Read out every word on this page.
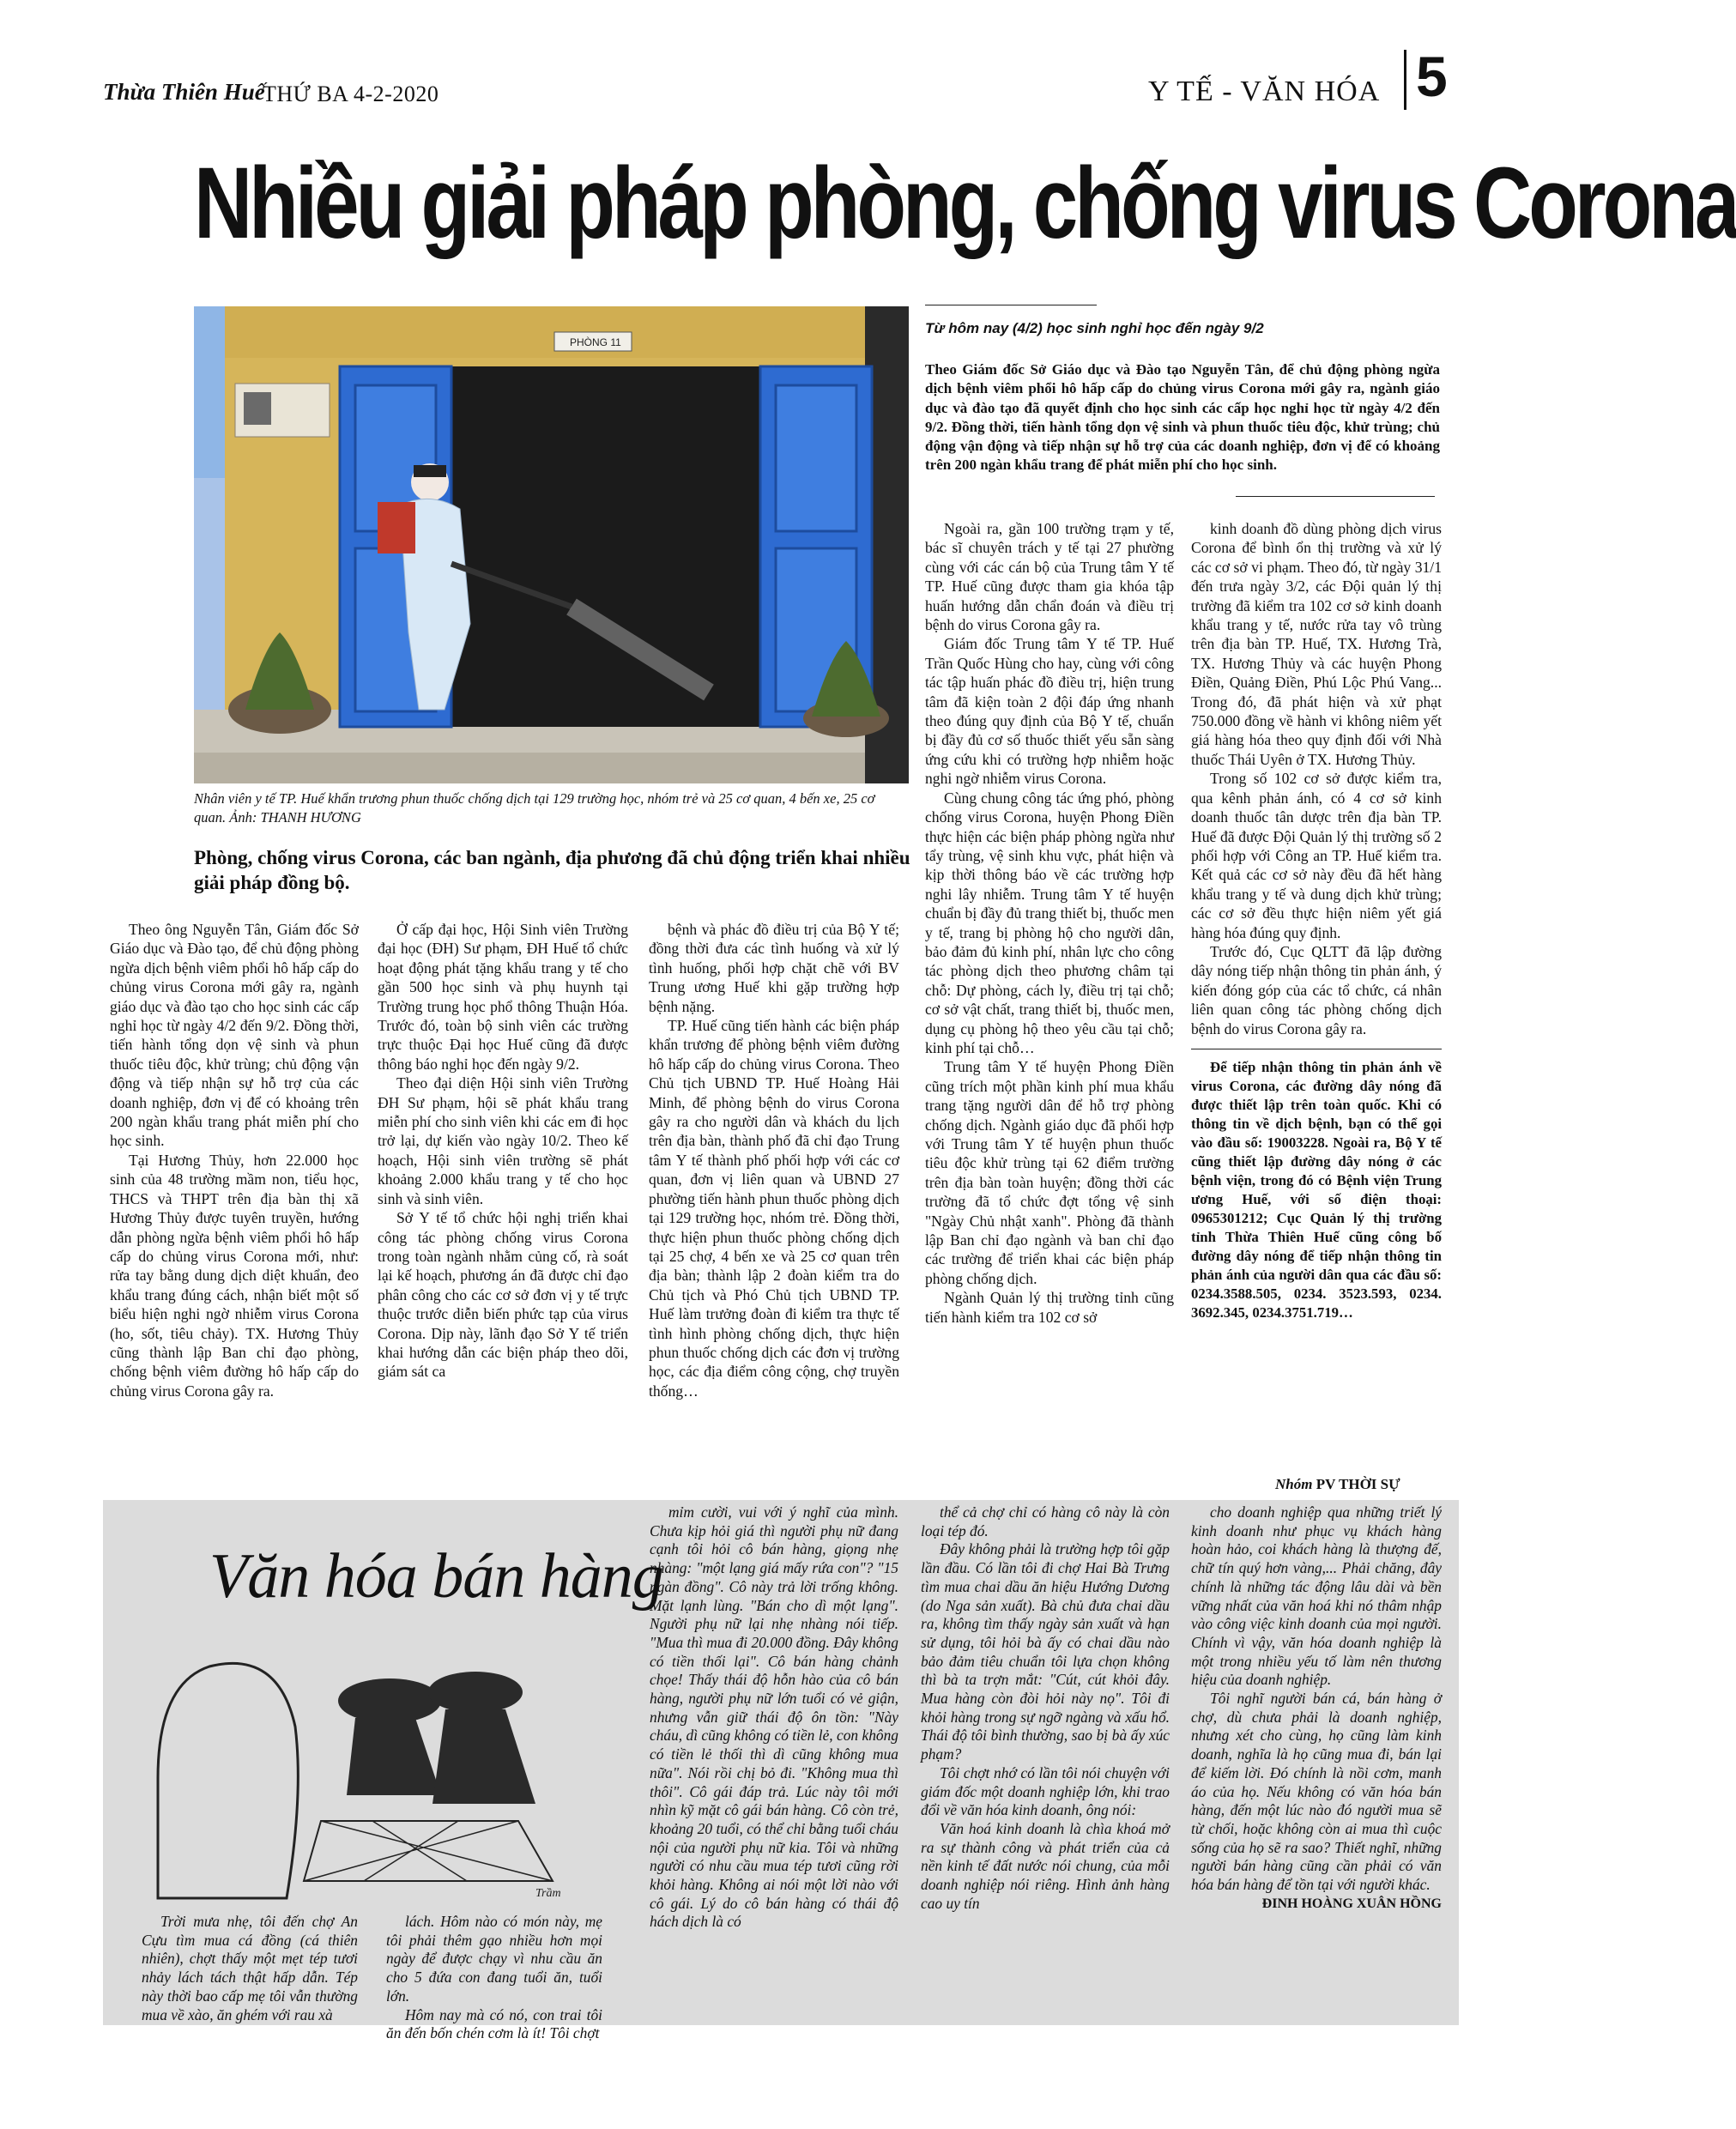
Thừa Thiên Huế
THỨ BA 4-2-2020	Y TẾ - VĂN HÓA 5
Nhiều giải pháp phòng, chống virus Corona
PHÒNG 11
Nhân viên y tế TP. Huế khẩn trương phun thuốc chống dịch tại 129 trường học, nhóm trẻ và 25 cơ quan, 4 bến xe, 25 cơ quan. Ảnh: THANH HƯƠNG
Phòng, chống virus Corona, các ban ngành, địa phương đã chủ động triển khai nhiều giải pháp đồng bộ.
Từ hôm nay (4/2) học sinh nghỉ học đến ngày 9/2
Theo Giám đốc Sở Giáo dục và Đào tạo Nguyễn Tân, để chủ động phòng ngừa dịch bệnh viêm phổi hô hấp cấp do chủng virus Corona mới gây ra, ngành giáo dục và đào tạo đã quyết định cho học sinh các cấp học nghỉ học từ ngày 4/2 đến 9/2. Đồng thời, tiến hành tổng dọn vệ sinh và phun thuốc tiêu độc, khử trùng; chủ động vận động và tiếp nhận sự hỗ trợ của các doanh nghiệp, đơn vị để có khoảng trên 200 ngàn khẩu trang để phát miễn phí cho học sinh.

Theo ông Nguyễn Tân, Giám đốc Sở Giáo dục và Đào tạo, để chủ động phòng ngừa dịch bệnh viêm phổi hô hấp cấp do chủng virus Corona mới gây ra, ngành giáo dục và đào tạo cho học sinh các cấp nghỉ học từ ngày 4/2 đến 9/2. Đồng thời, tiến hành tổng dọn vệ sinh và phun thuốc tiêu độc, khử trùng; chủ động vận động và tiếp nhận sự hỗ trợ của các doanh nghiệp, đơn vị để có khoảng trên 200 ngàn khẩu trang phát miễn phí cho học sinh.

Tại Hương Thủy, hơn 22.000 học sinh của 48 trường mầm non, tiểu học, THCS và THPT trên địa bàn thị xã Hương Thủy được tuyên truyền, hướng dẫn phòng ngừa bệnh viêm phổi hô hấp cấp do chủng virus Corona mới, như: rửa tay bằng dung dịch diệt khuẩn, đeo khẩu trang đúng cách, nhận biết một số biểu hiện nghi ngờ nhiễm virus Corona (ho, sốt, tiêu chảy). TX. Hương Thủy cũng thành lập Ban chỉ đạo phòng, chống bệnh viêm đường hô hấp cấp do chủng virus Corona gây ra.

Ở cấp đại học, Hội Sinh viên Trường đại học (ĐH) Sư phạm, ĐH Huế tổ chức hoạt động phát tặng khẩu trang y tế cho gần 500 học sinh và phụ huynh tại Trường trung học phổ thông Thuận Hóa. Trước đó, toàn bộ sinh viên các trường trực thuộc Đại học Huế cũng đã được thông báo nghỉ học đến ngày 9/2.

Theo đại diện Hội sinh viên Trường ĐH Sư phạm, hội sẽ phát khẩu trang miễn phí cho sinh viên khi các em đi học trở lại, dự kiến vào ngày 10/2. Theo kế hoạch, Hội sinh viên trường sẽ phát khoảng 2.000 khẩu trang y tế cho học sinh và sinh viên.

Sở Y tế tổ chức hội nghị triển khai công tác phòng chống virus Corona trong toàn ngành nhằm củng cố, rà soát lại kế hoạch, phương án đã được chỉ đạo phân công cho các cơ sở đơn vị y tế trực thuộc trước diễn biến phức tạp của virus Corona. Dịp này, lãnh đạo Sở Y tế triển khai hướng dẫn các biện pháp theo dõi, giám sát ca

bệnh và phác đồ điều trị của Bộ Y tế; đồng thời đưa các tình huống và xử lý tình huống, phối hợp chặt chẽ với BV Trung ương Huế khi gặp trường hợp bệnh nặng.

TP. Huế cũng tiến hành các biện pháp khẩn trương để phòng bệnh viêm đường hô hấp cấp do chủng virus Corona. Theo Chủ tịch UBND TP. Huế Hoàng Hải Minh, để phòng bệnh do virus Corona gây ra cho người dân và khách du lịch trên địa bàn, thành phố đã chỉ đạo Trung tâm Y tế thành phố phối hợp với các cơ quan, đơn vị liên quan và UBND 27 phường tiến hành phun thuốc phòng dịch tại 129 trường học, nhóm trẻ. Đồng thời, thực hiện phun thuốc phòng chống dịch tại 25 chợ, 4 bến xe và 25 cơ quan trên địa bàn; thành lập 2 đoàn kiểm tra do Chủ tịch và Phó Chủ tịch UBND TP. Huế làm trưởng đoàn đi kiểm tra thực tế tình hình phòng chống dịch, thực hiện phun thuốc chống dịch các đơn vị trường học, các địa điểm công cộng, chợ truyền thống…

Ngoài ra, gần 100 trường trạm y tế, bác sĩ chuyên trách y tế tại 27 phường cùng với các cán bộ của Trung tâm Y tế TP. Huế cũng được tham gia khóa tập huấn hướng dẫn chẩn đoán và điều trị bệnh do virus Corona gây ra.

Giám đốc Trung tâm Y tế TP. Huế Trần Quốc Hùng cho hay, cùng với công tác tập huấn phác đồ điều trị, hiện trung tâm đã kiện toàn 2 đội đáp ứng nhanh theo đúng quy định của Bộ Y tế, chuẩn bị đầy đủ cơ số thuốc thiết yếu sẵn sàng ứng cứu khi có trường hợp nhiễm hoặc nghi ngờ nhiễm virus Corona.

Cùng chung công tác ứng phó, phòng chống virus Corona, huyện Phong Điền thực hiện các biện pháp phòng ngừa như tẩy trùng, vệ sinh khu vực, phát hiện và kịp thời thông báo về các trường hợp nghi lây nhiễm. Trung tâm Y tế huyện chuẩn bị đầy đủ trang thiết bị, thuốc men y tế, trang bị phòng hộ cho người dân, bảo đảm đủ kinh phí, nhân lực cho công tác phòng dịch theo phương châm tại chỗ: Dự phòng, cách ly, điều trị tại chỗ; cơ sở vật chất, trang thiết bị, thuốc men, dụng cụ phòng hộ theo yêu cầu tại chỗ; kinh phí tại chỗ…

Trung tâm Y tế huyện Phong Điền cũng trích một phần kinh phí mua khẩu trang tặng người dân để hỗ trợ phòng chống dịch. Ngành giáo dục đã phối hợp với Trung tâm Y tế huyện phun thuốc tiêu độc khử trùng tại 62 điểm trường trên địa bàn toàn huyện; đồng thời các trường đã tổ chức đợt tổng vệ sinh "Ngày Chủ nhật xanh". Phòng đã thành lập Ban chỉ đạo ngành và ban chỉ đạo các trường để triển khai các biện pháp phòng chống dịch.

Ngành Quản lý thị trường tỉnh cũng tiến hành kiểm tra 102 cơ sở

kinh doanh đồ dùng phòng dịch virus Corona để bình ổn thị trường và xử lý các cơ sở vi phạm. Theo đó, từ ngày 31/1 đến trưa ngày 3/2, các Đội quản lý thị trường đã kiểm tra 102 cơ sở kinh doanh khẩu trang y tế, nước rửa tay vô trùng trên địa bàn TP. Huế, TX. Hương Trà, TX. Hương Thủy và các huyện Phong Điền, Quảng Điền, Phú Lộc Phú Vang... Trong đó, đã phát hiện và xử phạt 750.000 đồng về hành vi không niêm yết giá hàng hóa theo quy định đối với Nhà thuốc Thái Uyên ở TX. Hương Thủy.

Trong số 102 cơ sở được kiểm tra, qua kênh phản ánh, có 4 cơ sở kinh doanh thuốc tân dược trên địa bàn TP. Huế đã được Đội Quản lý thị trường số 2 phối hợp với Công an TP. Huế kiểm tra. Kết quả các cơ sở này đều đã hết hàng khẩu trang y tế và dung dịch khử trùng; các cơ sở đều thực hiện niêm yết giá hàng hóa đúng quy định.

Trước đó, Cục QLTT đã lập đường dây nóng tiếp nhận thông tin phản ánh, ý kiến đóng góp của các tổ chức, cá nhân liên quan công tác phòng chống dịch bệnh do virus Corona gây ra.

Để tiếp nhận thông tin phản ánh về virus Corona, các đường dây nóng đã được thiết lập trên toàn quốc. Khi có thông tin về dịch bệnh, bạn có thể gọi vào đầu số: 19003228. Ngoài ra, Bộ Y tế cũng thiết lập đường dây nóng ở các bệnh viện, trong đó có Bệnh viện Trung ương Huế, với số điện thoại: 0965301212; Cục Quản lý thị trường tỉnh Thừa Thiên Huế cũng công bố đường dây nóng để tiếp nhận thông tin phản ánh của người dân qua các đầu số: 0234.3588.505, 0234. 3523.593, 0234. 3692.345, 0234.3751.719…

Nhóm PV THỜI SỰ
Văn hóa bán hàng
Trầm

Trời mưa nhẹ, tôi đến chợ An Cựu tìm mua cá đồng (cá thiên nhiên), chợt thấy một mẹt tép tươi nhảy lách tách thật hấp dẫn. Tép này thời bao cấp mẹ tôi vẫn thường mua về xào, ăn ghém với rau xà

lách. Hôm nào có món này, mẹ tôi phải thêm gạo nhiều hơn mọi ngày để được chạy vì nhu cầu ăn cho 5 đứa con đang tuổi ăn, tuổi lớn.

Hôm nay mà có nó, con trai tôi ăn đến bốn chén cơm là ít! Tôi chợt

mỉm cười, vui với ý nghĩ của mình. Chưa kịp hỏi giá thì người phụ nữ đang cạnh tôi hỏi cô bán hàng, giọng nhẹ nhàng: "một lạng giá mấy rứa con"? "15 ngàn đồng". Cô này trả lời trống không. Mặt lạnh lùng. "Bán cho dì một lạng". Người phụ nữ lại nhẹ nhàng nói tiếp. "Mua thì mua đi 20.000 đồng. Đây không có tiền thối lại". Cô bán hàng chảnh chọe! Thấy thái độ hỗn hào của cô bán hàng, người phụ nữ lớn tuổi có vẻ giận, nhưng vẫn giữ thái độ ôn tồn: "Này cháu, dì cũng không có tiền lẻ, con không có tiền lẻ thối thì dì cũng không mua nữa". Nói rồi chị bỏ đi. "Không mua thì thôi". Cô gái đáp trả. Lúc này tôi mới nhìn kỹ mặt cô gái bán hàng. Cô còn trẻ, khoảng 20 tuổi, có thể chỉ bằng tuổi cháu nội của người phụ nữ kia. Tôi và những người có nhu cầu mua tép tươi cũng rời khỏi hàng. Không ai nói một lời nào với cô gái. Lý do cô bán hàng có thái độ hách dịch là có

thể cả chợ chỉ có hàng cô này là còn loại tép đó.

Đây không phải là trường hợp tôi gặp lần đầu. Có lần tôi đi chợ Hai Bà Trưng tìm mua chai dầu ăn hiệu Hướng Dương (do Nga sản xuất). Bà chủ đưa chai dầu ra, không tìm thấy ngày sản xuất và hạn sử dụng, tôi hỏi bà ấy có chai dầu nào bảo đảm tiêu chuẩn tôi lựa chọn không thì bà ta trợn mắt: "Cút, cút khỏi đây. Mua hàng còn đòi hỏi này nọ". Tôi đi khỏi hàng trong sự ngỡ ngàng và xấu hổ. Thái độ tôi bình thường, sao bị bà ấy xúc phạm?

Tôi chợt nhớ có lần tôi nói chuyện với giám đốc một doanh nghiệp lớn, khi trao đổi về văn hóa kinh doanh, ông nói:

Văn hoá kinh doanh là chìa khoá mở ra sự thành công và phát triển của cả nền kinh tế đất nước nói chung, của mỗi doanh nghiệp nói riêng. Hình ảnh hàng cao uy tín

cho doanh nghiệp qua những triết lý kinh doanh như phục vụ khách hàng hoàn hảo, coi khách hàng là thượng đế, chữ tín quý hơn vàng,... Phải chăng, đây chính là những tác động lâu dài và bền vững nhất của văn hoá khi nó thâm nhập vào công việc kinh doanh của mọi người. Chính vì vậy, văn hóa doanh nghiệp là một trong nhiều yếu tố làm nên thương hiệu của doanh nghiệp.

Tôi nghĩ người bán cá, bán hàng ở chợ, dù chưa phải là doanh nghiệp, nhưng xét cho cùng, họ cũng làm kinh doanh, nghĩa là họ cũng mua đi, bán lại để kiếm lời. Đó chính là nồi cơm, manh áo của họ. Nếu không có văn hóa bán hàng, đến một lúc nào đó người mua sẽ từ chối, hoặc không còn ai mua thì cuộc sống của họ sẽ ra sao? Thiết nghĩ, những người bán hàng cũng cần phải có văn hóa bán hàng để tồn tại với người khác.

ĐINH HOÀNG XUÂN HỒNG
